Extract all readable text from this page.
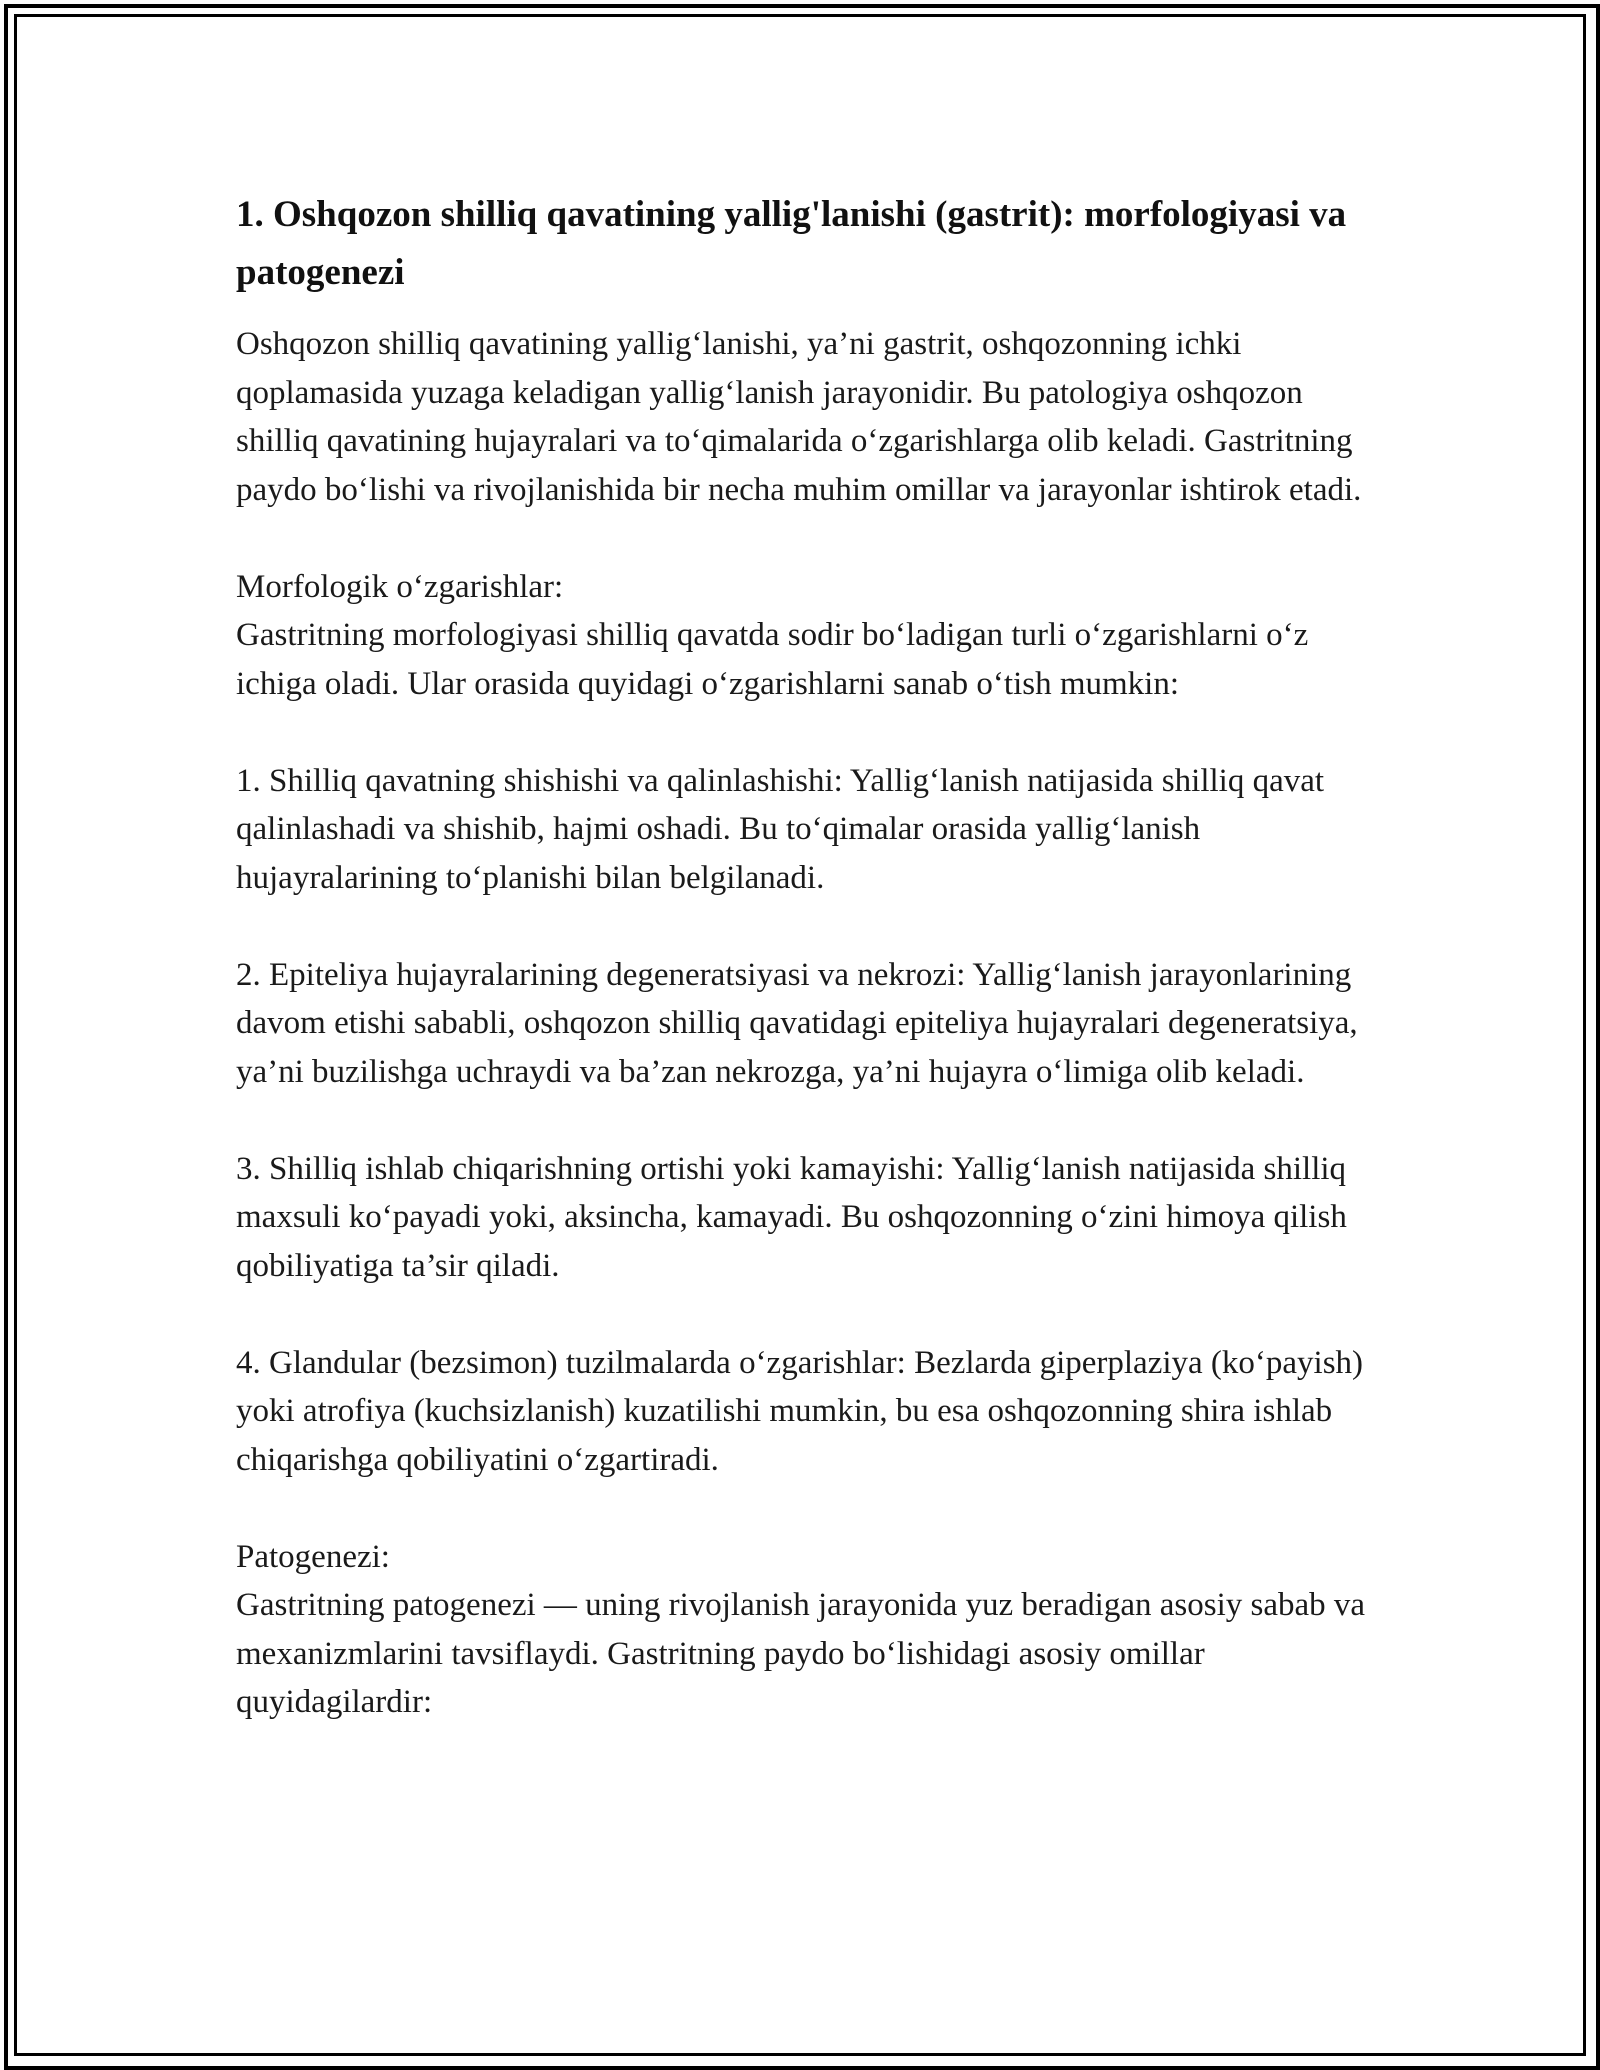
1. Oshqozon shilliq qavatining yallig'lanishi (gastrit): morfologiyasi va patogenezi

Oshqozon shilliq qavatining yallig‘lanishi, ya’ni gastrit, oshqozonning ichki qoplamasida yuzaga keladigan yallig‘lanish jarayonidir. Bu patologiya oshqozon shilliq qavatining hujayralari va to‘qimalarida o‘zgarishlarga olib keladi. Gastritning paydo bo‘lishi va rivojlanishida bir necha muhim omillar va jarayonlar ishtirok etadi.

Morfologik o‘zgarishlar:

Gastritning morfologiyasi shilliq qavatda sodir bo‘ladigan turli o‘zgarishlarni o‘z ichiga oladi. Ular orasida quyidagi o‘zgarishlarni sanab o‘tish mumkin:

1. Shilliq qavatning shishishi va qalinlashishi: Yallig‘lanish natijasida shilliq qavat qalinlashadi va shishib, hajmi oshadi. Bu to‘qimalar orasida yallig‘lanish hujayralarining to‘planishi bilan belgilanadi.

2. Epiteliya hujayralarining degeneratsiyasi va nekrozi: Yallig‘lanish jarayonlarining davom etishi sababli, oshqozon shilliq qavatidagi epiteliya hujayralari degeneratsiya, ya’ni buzilishga uchraydi va ba’zan nekrozga, ya’ni hujayra o‘limiga olib keladi.

3. Shilliq ishlab chiqarishning ortishi yoki kamayishi: Yallig‘lanish natijasida shilliq maxsuli ko‘payadi yoki, aksincha, kamayadi. Bu oshqozonning o‘zini himoya qilish qobiliyatiga ta’sir qiladi.

4. Glandular (bezsimon) tuzilmalarda o‘zgarishlar: Bezlarda giperplaziya (ko‘payish) yoki atrofiya (kuchsizlanish) kuzatilishi mumkin, bu esa oshqozonning shira ishlab chiqarishga qobiliyatini o‘zgartiradi.

Patogenezi:

Gastritning patogenezi — uning rivojlanish jarayonida yuz beradigan asosiy sabab va mexanizmlarini tavsiflaydi. Gastritning paydo bo‘lishidagi asosiy omillar quyidagilardir:
